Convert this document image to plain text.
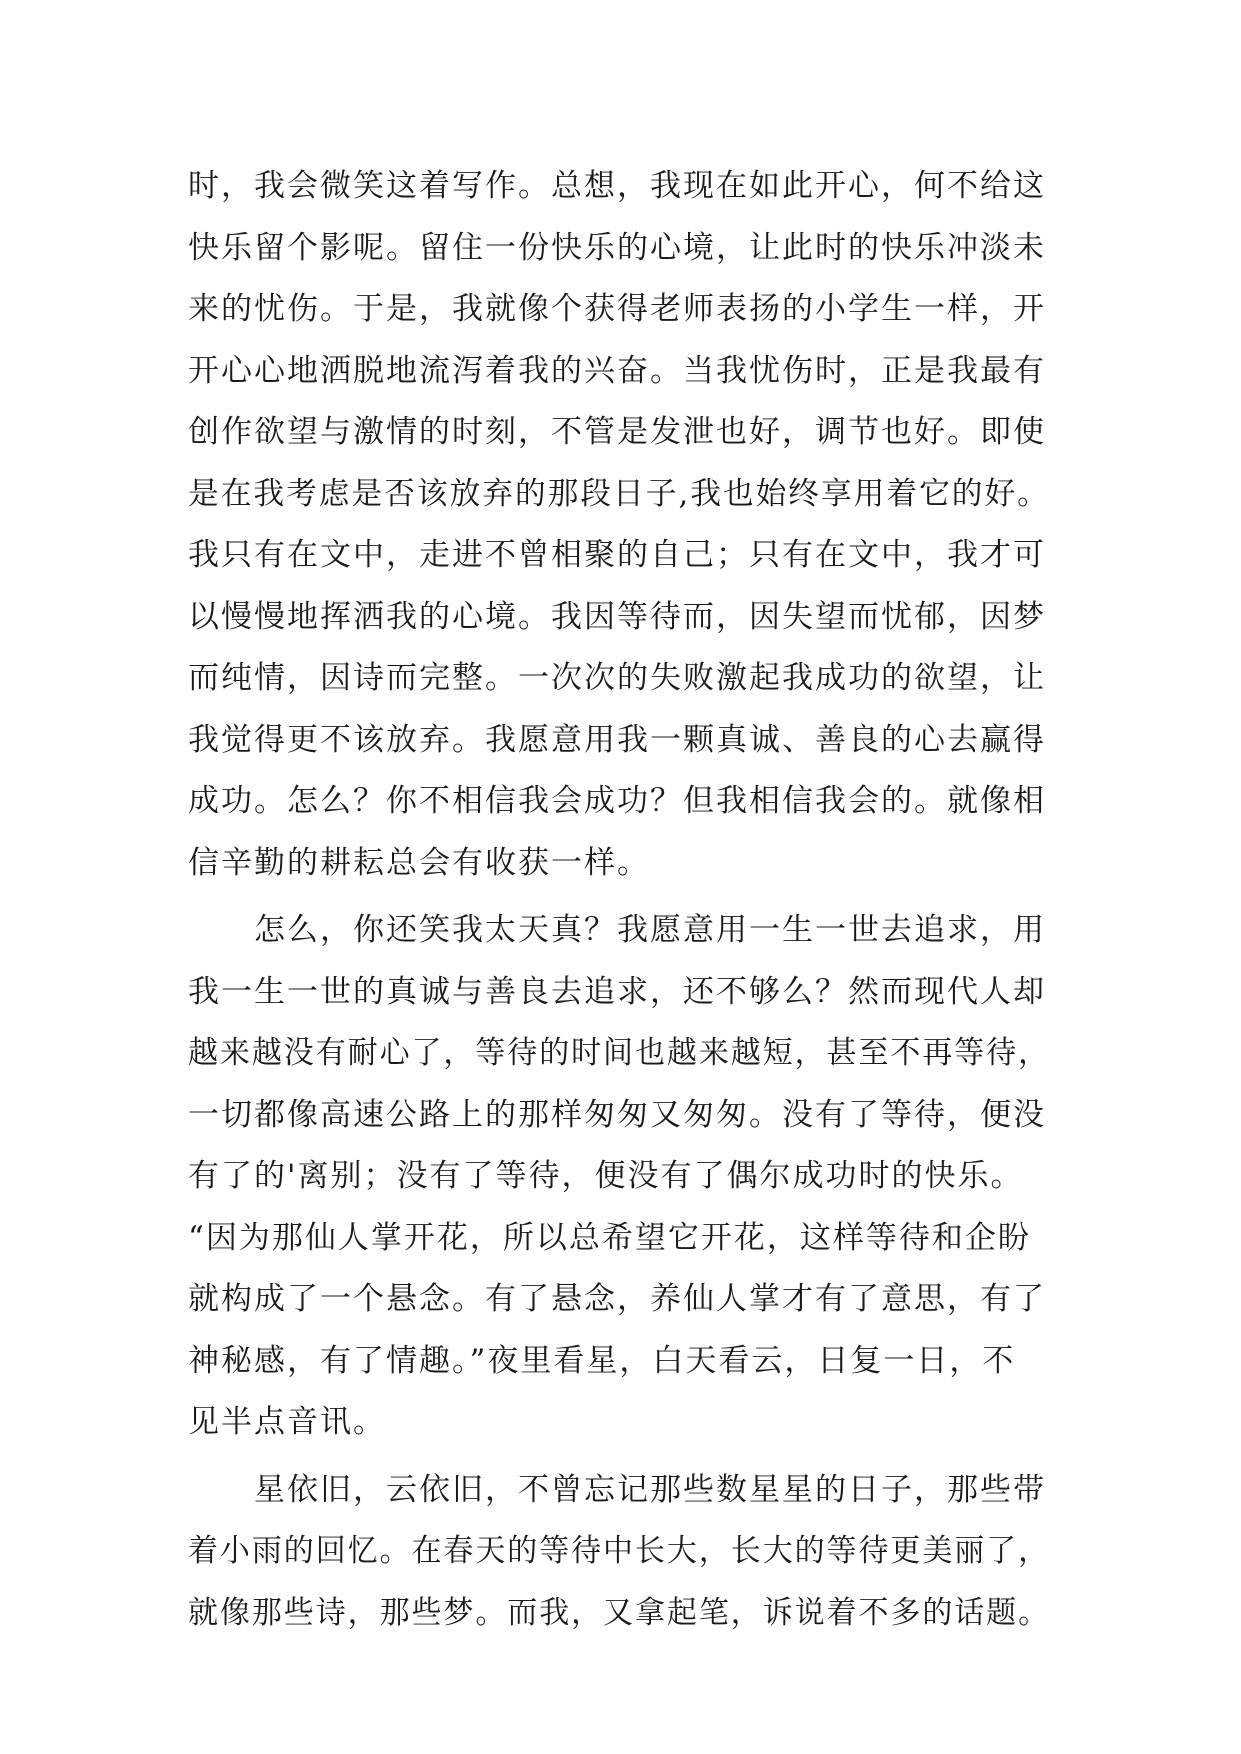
时，我会微笑这着写作。总想，我现在如此开心，何不给这
快乐留个影呢。留住一份快乐的心境，让此时的快乐冲淡未
来的忧伤。于是，我就像个获得老师表扬的小学生一样，开
开心心地洒脱地流泻着我的兴奋。当我忧伤时，正是我最有
创作欲望与激情的时刻，不管是发泄也好，调节也好。即使
是在我考虑是否该放弃的那段日子,我也始终享用着它的好。
我只有在文中，走进不曾相聚的自己；只有在文中，我才可
以慢慢地挥洒我的心境。我因等待而，因失望而忧郁，因梦
而纯情，因诗而完整。一次次的失败激起我成功的欲望，让
我觉得更不该放弃。我愿意用我一颗真诚、善良的心去赢得
成功。怎么？你不相信我会成功？但我相信我会的。就像相
信辛勤的耕耘总会有收获一样。

怎么，你还笑我太天真？我愿意用一生一世去追求，用
我一生一世的真诚与善良去追求，还不够么？然而现代人却
越来越没有耐心了，等待的时间也越来越短，甚至不再等待，
一切都像高速公路上的那样匆匆又匆匆。没有了等待，便没
有了的'离别；没有了等待，便没有了偶尔成功时的快乐。
“因为那仙人掌开花，所以总希望它开花，这样等待和企盼
就构成了一个悬念。有了悬念，养仙人掌才有了意思，有了
神秘感，有了情趣。”夜里看星，白天看云，日复一日，不
见半点音讯。

星依旧，云依旧，不曾忘记那些数星星的日子，那些带
着小雨的回忆。在春天的等待中长大，长大的等待更美丽了，
就像那些诗，那些梦。而我，又拿起笔，诉说着不多的话题。
